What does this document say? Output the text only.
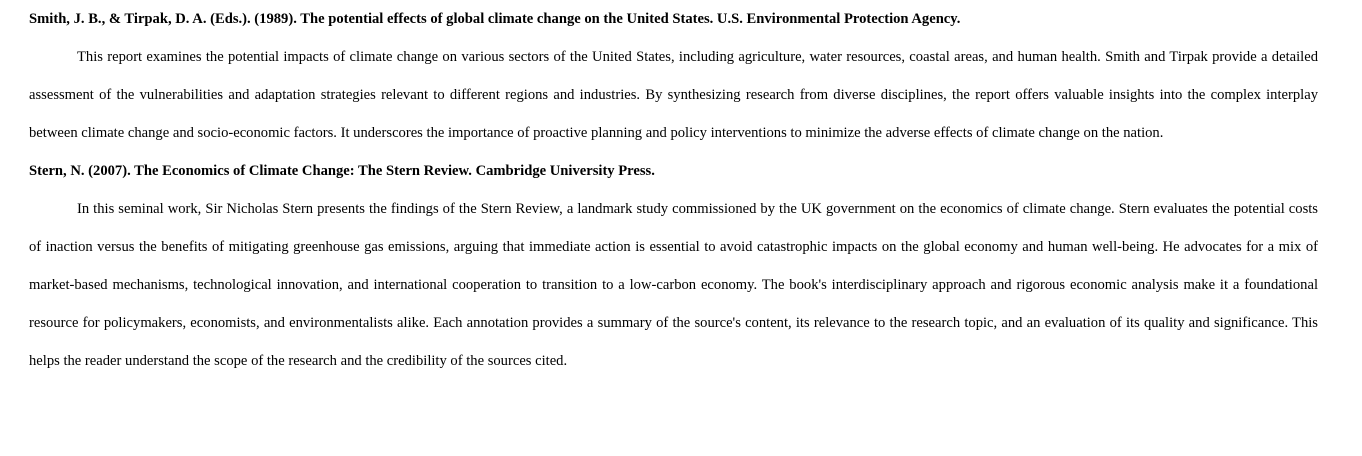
Smith, J. B., & Tirpak, D. A. (Eds.). (1989). The potential effects of global climate change on the United States. U.S. Environmental Protection Agency.

This report examines the potential impacts of climate change on various sectors of the United States, including agriculture, water resources, coastal areas, and human health. Smith and Tirpak provide a detailed assessment of the vulnerabilities and adaptation strategies relevant to different regions and industries. By synthesizing research from diverse disciplines, the report offers valuable insights into the complex interplay between climate change and socio-economic factors. It underscores the importance of proactive planning and policy interventions to minimize the adverse effects of climate change on the nation.

Stern, N. (2007). The Economics of Climate Change: The Stern Review. Cambridge University Press.

In this seminal work, Sir Nicholas Stern presents the findings of the Stern Review, a landmark study commissioned by the UK government on the economics of climate change. Stern evaluates the potential costs of inaction versus the benefits of mitigating greenhouse gas emissions, arguing that immediate action is essential to avoid catastrophic impacts on the global economy and human well-being. He advocates for a mix of market-based mechanisms, technological innovation, and international cooperation to transition to a low-carbon economy. The book's interdisciplinary approach and rigorous economic analysis make it a foundational resource for policymakers, economists, and environmentalists alike. Each annotation provides a summary of the source's content, its relevance to the research topic, and an evaluation of its quality and significance. This helps the reader understand the scope of the research and the credibility of the sources cited.
